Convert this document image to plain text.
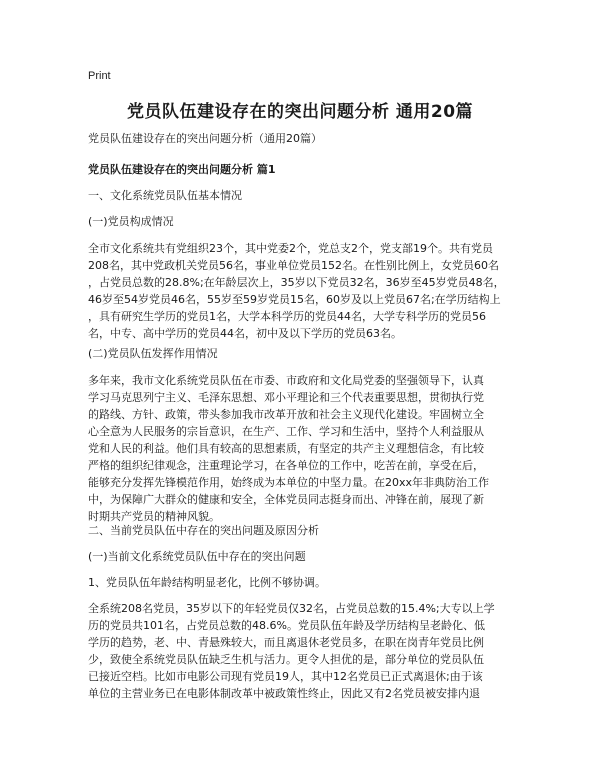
Print
党员队伍建设存在的突出问题分析 通用20篇

党员队伍建设存在的突出问题分析（通用20篇）

党员队伍建设存在的突出问题分析 篇1

一、文化系统党员队伍基本情况

(一)党员构成情况

全市文化系统共有党组织23个，其中党委2个，党总支2个，党支部19个。共有党员
208名，其中党政机关党员56名，事业单位党员152名。在性别比例上，女党员60名
，占党员总数的28.8%;在年龄层次上，35岁以下党员32名，36岁至45岁党员48名，
46岁至54岁党员46名，55岁至59岁党员15名，60岁及以上党员67名;在学历结构上
，具有研究生学历的党员1名，大学本科学历的党员44名，大学专科学历的党员56
名，中专、高中学历的党员44名，初中及以下学历的党员63名。

(二)党员队伍发挥作用情况

多年来，我市文化系统党员队伍在市委、市政府和文化局党委的坚强领导下，认真
学习马克思列宁主义、毛泽东思想、邓小平理论和三个代表重要思想，贯彻执行党
的路线、方针、政策，带头参加我市改革开放和社会主义现代化建设。牢固树立全
心全意为人民服务的宗旨意识，在生产、工作、学习和生活中，坚持个人利益服从
党和人民的利益。他们具有较高的思想素质，有坚定的共产主义理想信念，有比较
严格的组织纪律观念，注重理论学习，在各单位的工作中，吃苦在前，享受在后，
能够充分发挥先锋模范作用，始终成为本单位的中坚力量。在20xx年非典防治工作
中，为保障广大群众的健康和安全，全体党员同志挺身而出、冲锋在前，展现了新
时期共产党员的精神风貌。

二、当前党员队伍中存在的突出问题及原因分析

(一)当前文化系统党员队伍中存在的突出问题

1、党员队伍年龄结构明显老化，比例不够协调。

全系统208名党员，35岁以下的年轻党员仅32名，占党员总数的15.4%;大专以上学
历的党员共101名，占党员总数的48.6%。党员队伍年龄及学历结构呈老龄化、低
学历的趋势，老、中、青悬殊较大，而且离退休老党员多，在职在岗青年党员比例
少，致使全系统党员队伍缺乏生机与活力。更令人担优的是，部分单位的党员队伍
已接近空档。比如市电影公司现有党员19人，其中12名党员已正式离退休;由于该
单位的主营业务已在电影体制改革中被政策性终止，因此又有2名党员被安排内退
